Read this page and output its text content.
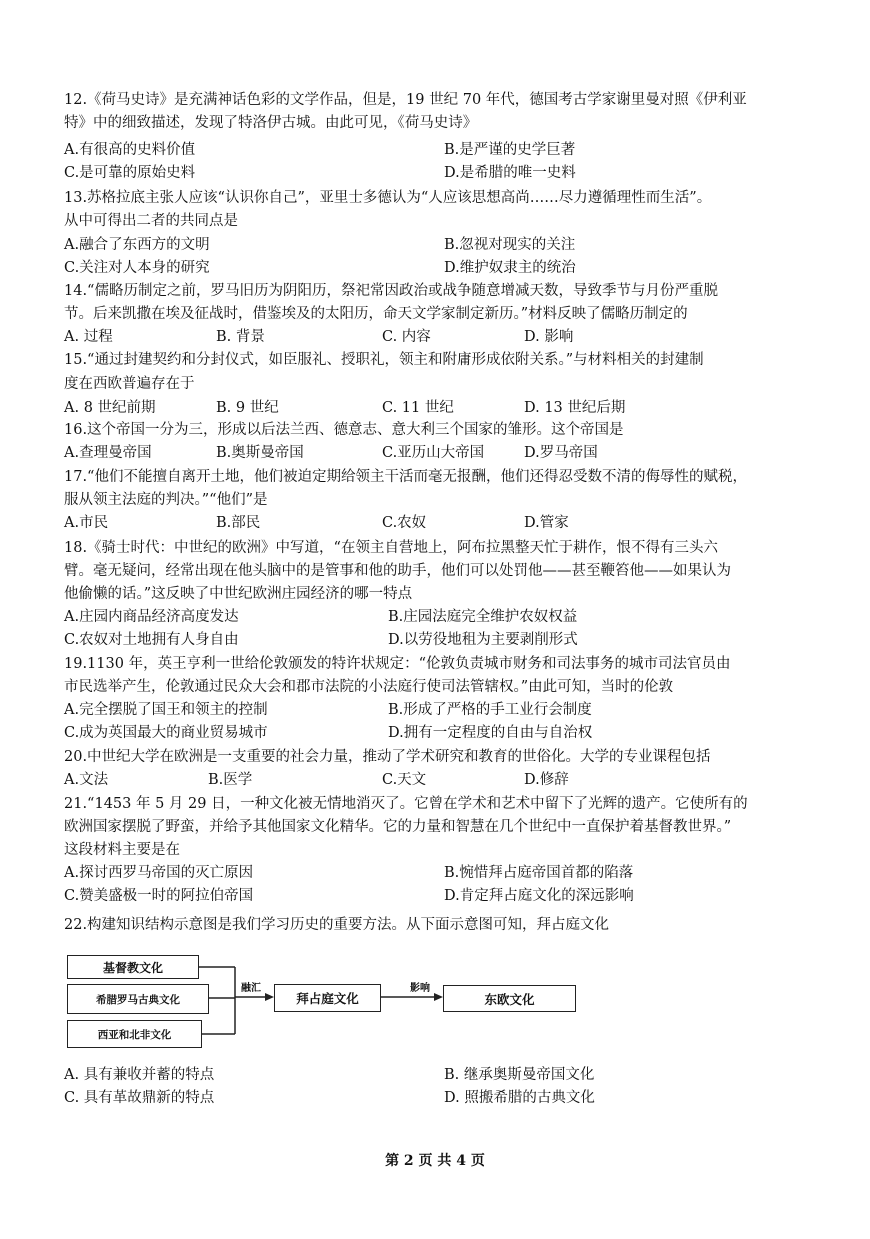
12.《荷马史诗》是充满神话色彩的文学作品，但是，19 世纪 70 年代，德国考古学家谢里曼对照《伊利亚
特》中的细致描述，发现了特洛伊古城。由此可见，《荷马史诗》
A.有很高的史料价值	B.是严谨的史学巨著
C.是可靠的原始史料	D.是希腊的唯一史料
13.苏格拉底主张人应该“认识你自己”，亚里士多德认为“人应该思想高尚……尽力遵循理性而生活”。
从中可得出二者的共同点是
A.融合了东西方的文明	B.忽视对现实的关注
C.关注对人本身的研究	D.维护奴隶主的统治
14.“儒略历制定之前，罗马旧历为阴阳历，祭祀常因政治或战争随意增减天数，导致季节与月份严重脱
节。后来凯撒在埃及征战时，借鉴埃及的太阳历，命天文学家制定新历。”材料反映了儒略历制定的
A. 过程	B. 背景	C. 内容	D. 影响
15.“通过封建契约和分封仪式，如臣服礼、授职礼，领主和附庸形成依附关系。”与材料相关的封建制
度在西欧普遍存在于
A. 8 世纪前期	B. 9 世纪	C. 11 世纪	D. 13 世纪后期
16.这个帝国一分为三，形成以后法兰西、德意志、意大利三个国家的雏形。这个帝国是
A.查理曼帝国	B.奥斯曼帝国	C.亚历山大帝国	D.罗马帝国
17.“他们不能擅自离开土地，他们被迫定期给领主干活而毫无报酬，他们还得忍受数不清的侮辱性的赋税，
服从领主法庭的判决。”“他们”是
A.市民	B.部民	C.农奴	D.管家
18.《骑士时代：中世纪的欧洲》中写道，“在领主自营地上，阿布拉黑整天忙于耕作，恨不得有三头六
臂。毫无疑问，经常出现在他头脑中的是管事和他的助手，他们可以处罚他——甚至鞭笞他——如果认为
他偷懒的话。”这反映了中世纪欧洲庄园经济的哪一特点
A.庄园内商品经济高度发达	B.庄园法庭完全维护农奴权益
C.农奴对土地拥有人身自由	D.以劳役地租为主要剥削形式
19.1130 年，英王亨利一世给伦敦颁发的特许状规定：“伦敦负责城市财务和司法事务的城市司法官员由
市民选举产生，伦敦通过民众大会和郡市法院的小法庭行使司法管辖权。”由此可知，当时的伦敦
A.完全摆脱了国王和领主的控制	B.形成了严格的手工业行会制度
C.成为英国最大的商业贸易城市	D.拥有一定程度的自由与自治权
20.中世纪大学在欧洲是一支重要的社会力量，推动了学术研究和教育的世俗化。大学的专业课程包括
A.文法	B.医学	C.天文	D.修辞
21.“1453 年 5 月 29 日，一种文化被无情地消灭了。它曾在学术和艺术中留下了光辉的遗产。它使所有的
欧洲国家摆脱了野蛮，并给予其他国家文化精华。它的力量和智慧在几个世纪中一直保护着基督教世界。”
这段材料主要是在
A.探讨西罗马帝国的灭亡原因	B.惋惜拜占庭帝国首都的陷落
C.赞美盛极一时的阿拉伯帝国	D.肯定拜占庭文化的深远影响
22.构建知识结构示意图是我们学习历史的重要方法。从下面示意图可知，拜占庭文化
基督教文化
希腊罗马古典文化
西亚和北非文化
融汇
拜占庭文化
影响
东欧文化
A. 具有兼收并蓄的特点	B. 继承奥斯曼帝国文化
C. 具有革故鼎新的特点	D. 照搬希腊的古典文化
第 2 页 共 4 页
